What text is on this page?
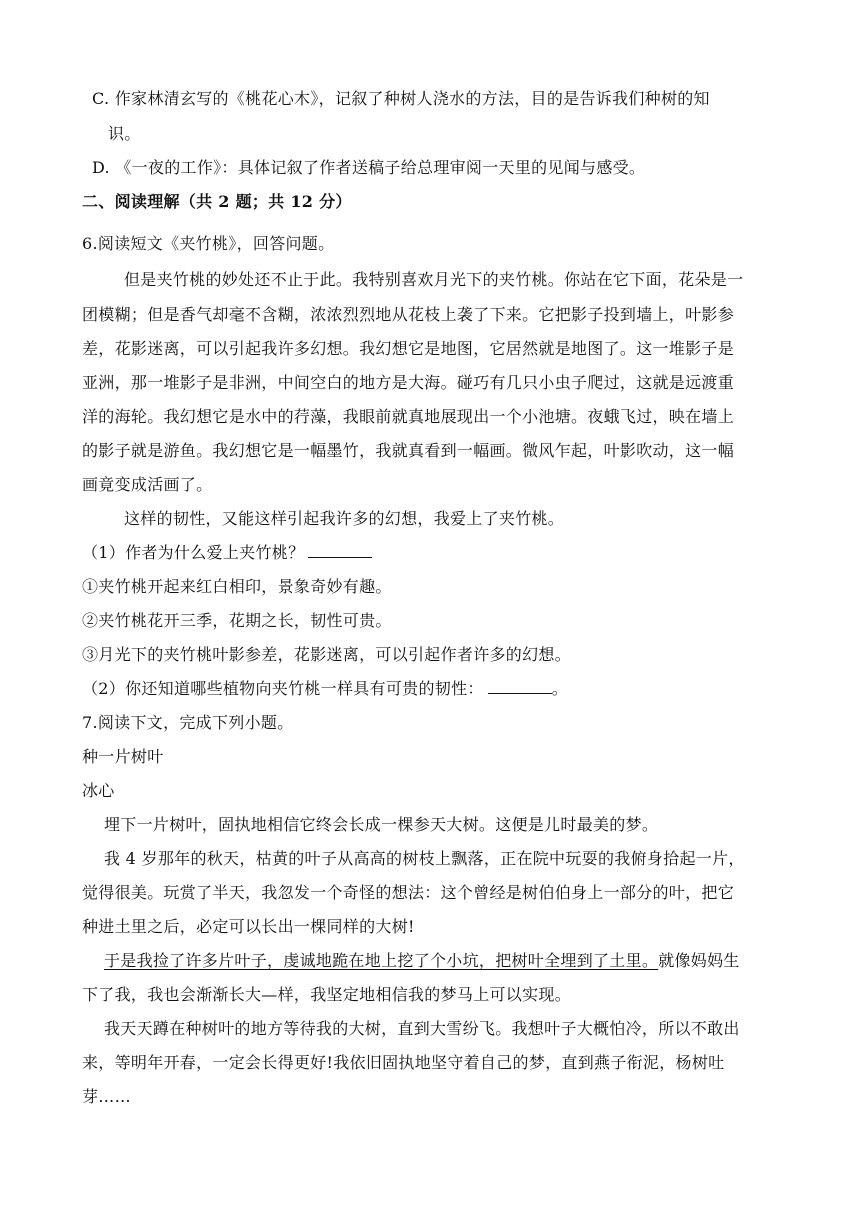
C. 作家林清玄写的《桃花心木》，记叙了种树人浇水的方法，目的是告诉我们种树的知
识。
D. 《一夜的工作》：具体记叙了作者送稿子给总理审阅一天里的见闻与感受。
二、阅读理解（共 2 题；共 12 分）
6.阅读短文《夹竹桃》，回答问题。
但是夹竹桃的妙处还不止于此。我特别喜欢月光下的夹竹桃。你站在它下面，花朵是一
团模糊；但是香气却毫不含糊，浓浓烈烈地从花枝上袭了下来。它把影子投到墙上，叶影参
差，花影迷离，可以引起我许多幻想。我幻想它是地图，它居然就是地图了。这一堆影子是
亚洲，那一堆影子是非洲，中间空白的地方是大海。碰巧有几只小虫子爬过，这就是远渡重
洋的海轮。我幻想它是水中的荇藻，我眼前就真地展现出一个小池塘。夜蛾飞过，映在墙上
的影子就是游鱼。我幻想它是一幅墨竹，我就真看到一幅画。微风乍起，叶影吹动，这一幅
画竟变成活画了。
这样的韧性，又能这样引起我许多的幻想，我爱上了夹竹桃。
（1）作者为什么爱上夹竹桃？
①夹竹桃开起来红白相印，景象奇妙有趣。
②夹竹桃花开三季，花期之长，韧性可贵。
③月光下的夹竹桃叶影参差，花影迷离，可以引起作者许多的幻想。
（2）你还知道哪些植物向夹竹桃一样具有可贵的韧性：	。
7.阅读下文，完成下列小题。
种一片树叶
冰心
埋下一片树叶，固执地相信它终会长成一棵参天大树。这便是儿时最美的梦。
我 4 岁那年的秋天，枯黄的叶子从高高的树枝上飘落，正在院中玩耍的我俯身拾起一片，
觉得很美。玩赏了半天，我忽发一个奇怪的想法：这个曾经是树伯伯身上一部分的叶，把它
种进土里之后，必定可以长出一棵同样的大树!
于是我捡了许多片叶子，虔诚地跪在地上挖了个小坑，把树叶全埋到了土里。就像妈妈生
下了我，我也会渐渐长大—样，我坚定地相信我的梦马上可以实现。
我天天蹲在种树叶的地方等待我的大树，直到大雪纷飞。我想叶子大概怕冷，所以不敢出
来，等明年开春，一定会长得更好!我依旧固执地坚守着自己的梦，直到燕子衔泥，杨树吐
芽……
